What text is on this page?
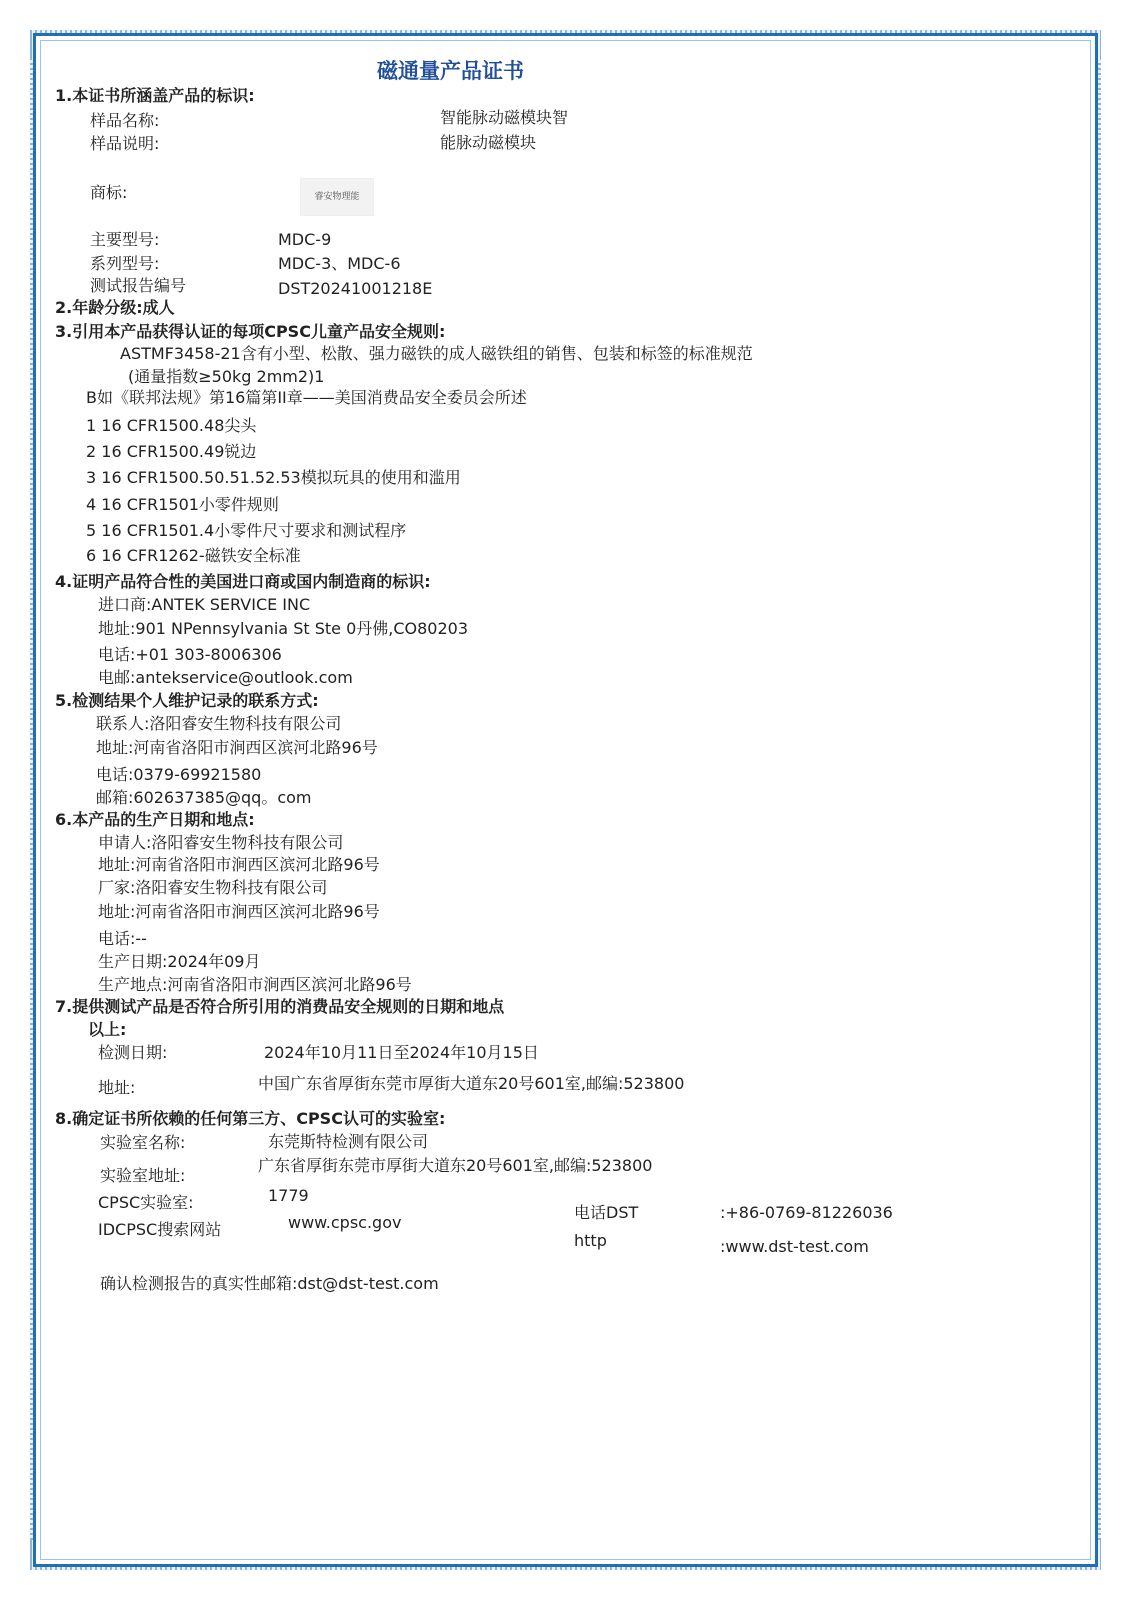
磁通量产品证书
1.本证书所涵盖产品的标识:
样品名称:	智能脉动磁模块智
样品说明:	能脉动磁模块
商标:	睿安物理能
主要型号:	MDC-9
系列型号:	MDC-3、MDC-6
测试报告编号	DST20241001218E
2.年龄分级:成人
3.引用本产品获得认证的每项CPSC儿童产品安全规则:
ASTMF3458-21含有小型、松散、强力磁铁的成人磁铁组的销售、包装和标签的标准规范
(通量指数≥50kg 2mm2)1
B如《联邦法规》第16篇第II章——美国消费品安全委员会所述
1 16 CFR1500.48尖头
2 16 CFR1500.49锐边
3 16 CFR1500.50.51.52.53模拟玩具的使用和滥用
4 16 CFR1501小零件规则
5 16 CFR1501.4小零件尺寸要求和测试程序
6 16 CFR1262-磁铁安全标准
4.证明产品符合性的美国进口商或国内制造商的标识:
进口商:ANTEK SERVICE INC
地址:901 NPennsylvania St Ste 0丹佛,CO80203
电话:+01 303-8006306
电邮:antekservice@outlook.com
5.检测结果个人维护记录的联系方式:
联系人:洛阳睿安生物科技有限公司
地址:河南省洛阳市涧西区滨河北路96号
电话:0379-69921580
邮箱:602637385@qq。com
6.本产品的生产日期和地点:
申请人:洛阳睿安生物科技有限公司
地址:河南省洛阳市涧西区滨河北路96号
厂家:洛阳睿安生物科技有限公司
地址:河南省洛阳市涧西区滨河北路96号
电话:--
生产日期:2024年09月
生产地点:河南省洛阳市涧西区滨河北路96号
7.提供测试产品是否符合所引用的消费品安全规则的日期和地点
以上:
检测日期:	2024年10月11日至2024年10月15日
地址:	中国广东省厚街东莞市厚街大道东20号601室,邮编:523800
8.确定证书所依赖的任何第三方、CPSC认可的实验室:
实验室名称:	东莞斯特检测有限公司
实验室地址:
广东省厚街东莞市厚街大道东20号601室,邮编:523800
CPSC实验室:	1779
IDCPSC搜索网站	www.cpsc.gov
电话DST	:+86-0769-81226036
http	:www.dst-test.com
确认检测报告的真实性邮箱:dst@dst-test.com
